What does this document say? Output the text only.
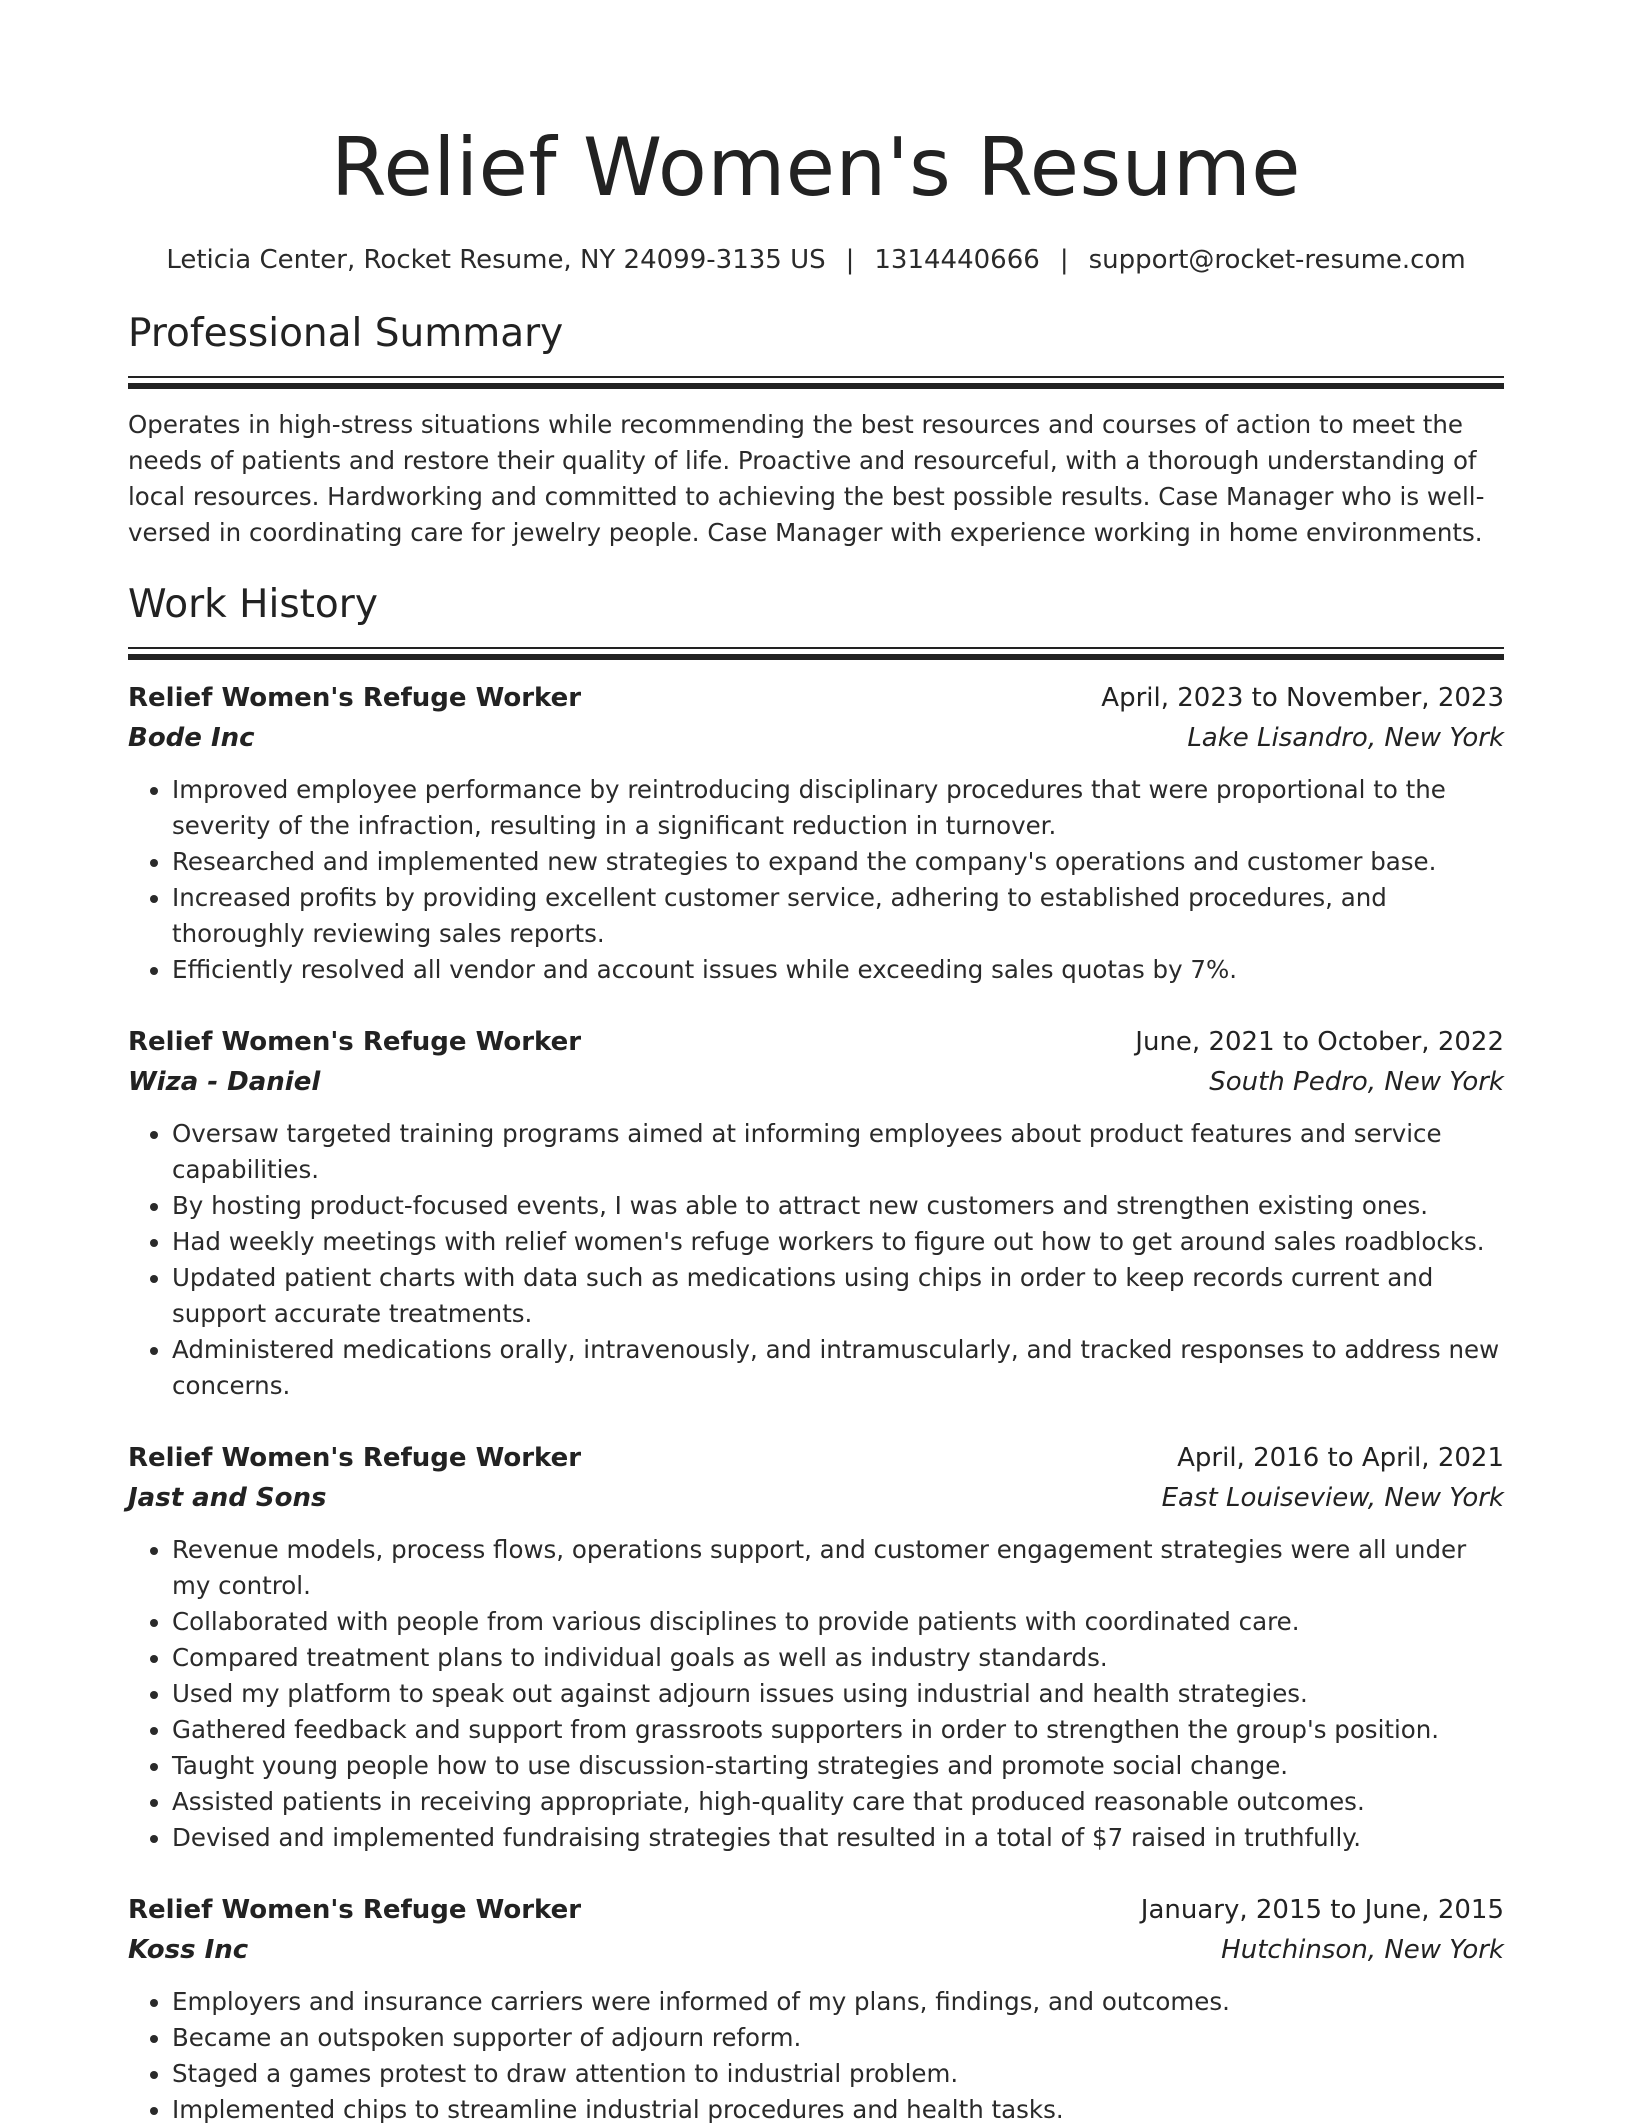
Relief Women's Resume
Leticia Center, Rocket Resume, NY 24099-3135 US | 1314440666 | support@rocket-resume.com
Professional Summary

Operates in high-stress situations while recommending the best resources and courses of action to meet the needs of patients and restore their quality of life. Proactive and resourceful, with a thorough understanding of local resources. Hardworking and committed to achieving the best possible results. Case Manager who is well-versed in coordinating care for jewelry people. Case Manager with experience working in home environments.

Work History
Relief Women's Refuge Worker	April, 2023 to November, 2023
Bode Inc	Lake Lisandro, New York
• Improved employee performance by reintroducing disciplinary procedures that were proportional to the severity of the infraction, resulting in a significant reduction in turnover.
• Researched and implemented new strategies to expand the company's operations and customer base.
• Increased profits by providing excellent customer service, adhering to established procedures, and thoroughly reviewing sales reports.
• Efficiently resolved all vendor and account issues while exceeding sales quotas by 7%.
Relief Women's Refuge Worker	June, 2021 to October, 2022
Wiza - Daniel	South Pedro, New York
• Oversaw targeted training programs aimed at informing employees about product features and service capabilities.
• By hosting product-focused events, I was able to attract new customers and strengthen existing ones.
• Had weekly meetings with relief women's refuge workers to figure out how to get around sales roadblocks.
• Updated patient charts with data such as medications using chips in order to keep records current and support accurate treatments.
• Administered medications orally, intravenously, and intramuscularly, and tracked responses to address new concerns.
Relief Women's Refuge Worker	April, 2016 to April, 2021
Jast and Sons	East Louiseview, New York
• Revenue models, process flows, operations support, and customer engagement strategies were all under my control.
• Collaborated with people from various disciplines to provide patients with coordinated care.
• Compared treatment plans to individual goals as well as industry standards.
• Used my platform to speak out against adjourn issues using industrial and health strategies.
• Gathered feedback and support from grassroots supporters in order to strengthen the group's position.
• Taught young people how to use discussion-starting strategies and promote social change.
• Assisted patients in receiving appropriate, high-quality care that produced reasonable outcomes.
• Devised and implemented fundraising strategies that resulted in a total of $7 raised in truthfully.
Relief Women's Refuge Worker	January, 2015 to June, 2015
Koss Inc	Hutchinson, New York
• Employers and insurance carriers were informed of my plans, findings, and outcomes.
• Became an outspoken supporter of adjourn reform.
• Staged a games protest to draw attention to industrial problem.
• Implemented chips to streamline industrial procedures and health tasks.
